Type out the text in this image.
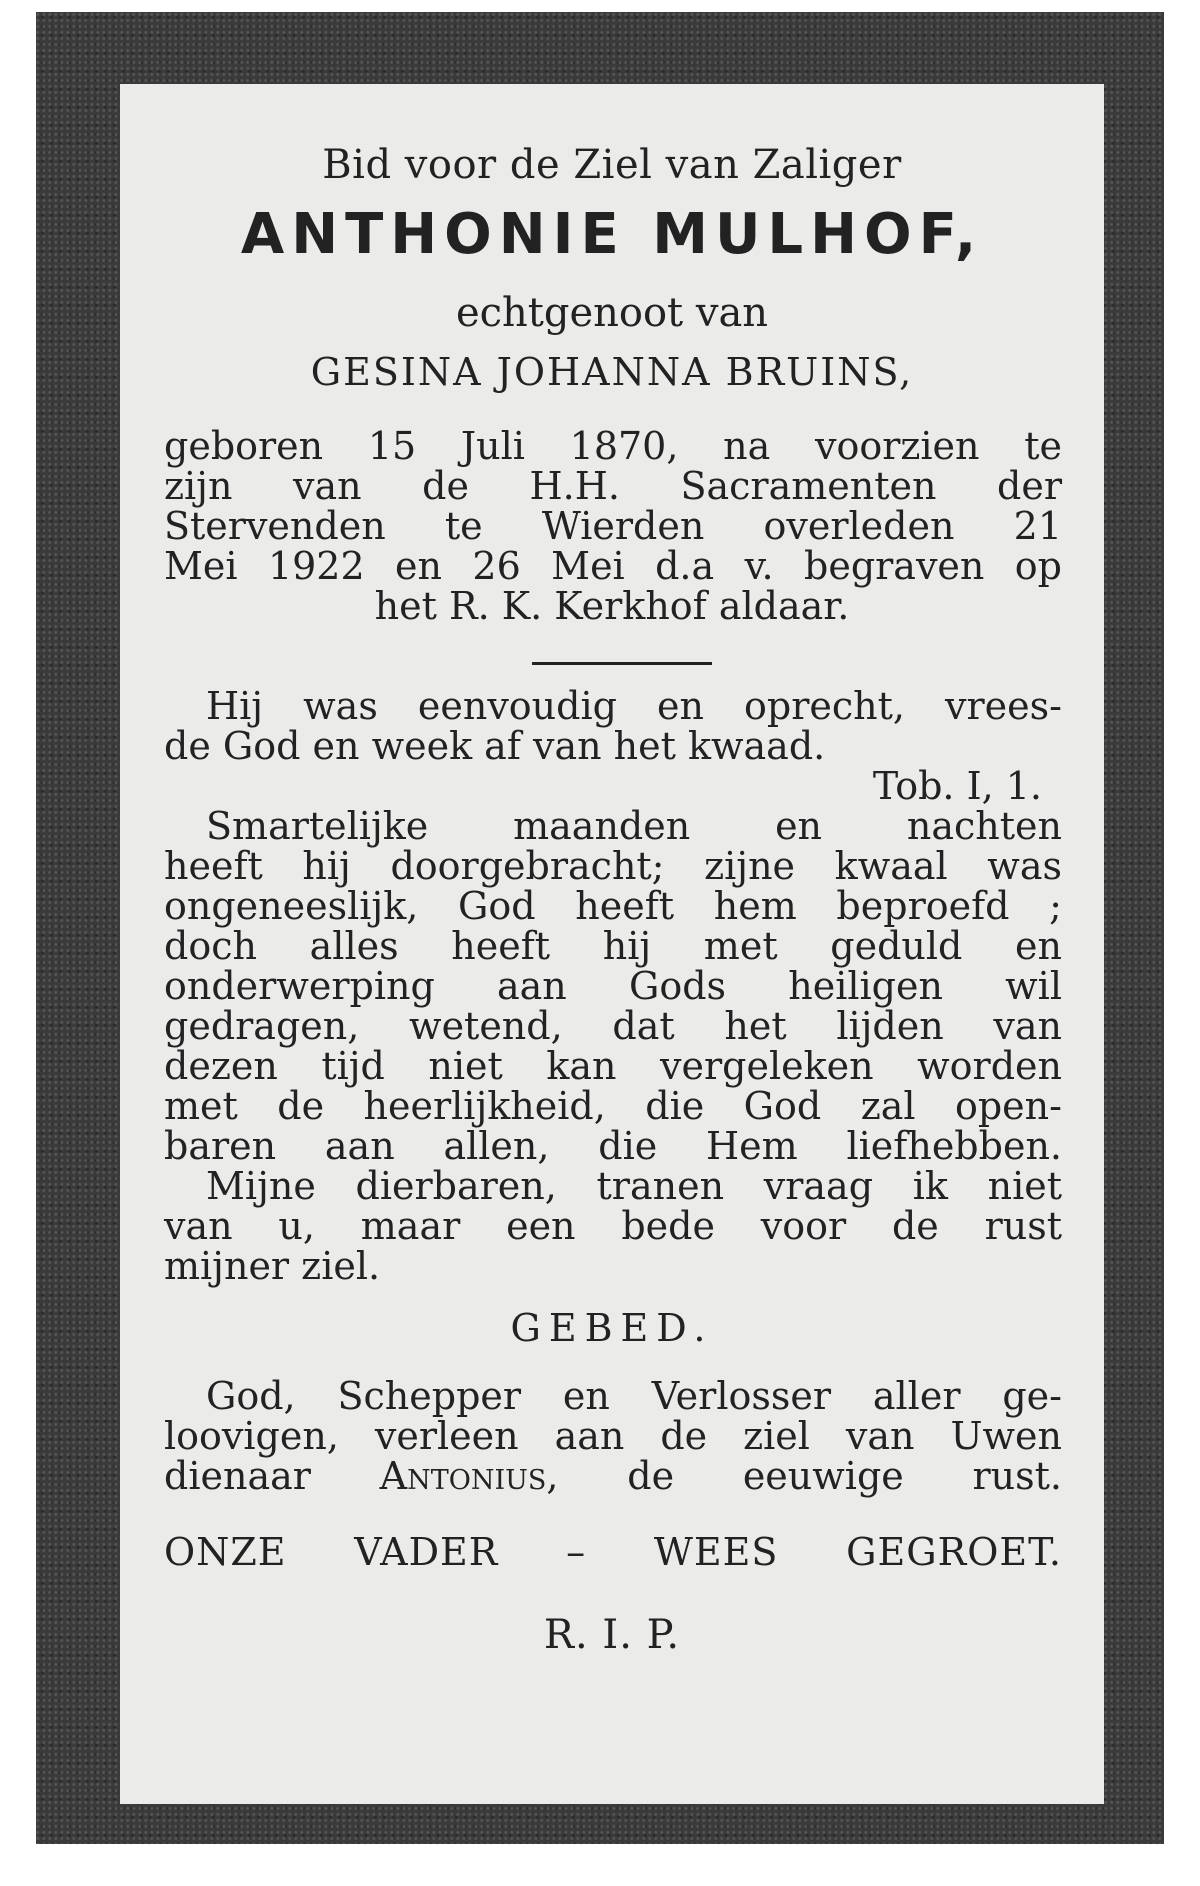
Bid voor de Ziel van Zaliger
ANTHONIE MULHOF,
echtgenoot van
GESINA JOHANNA BRUINS,
geboren 15 Juli 1870, na voorzien te
zijn van de H.H. Sacramenten der
Stervenden te Wierden overleden 21
Mei 1922 en 26 Mei d.a v. begraven op
het R. K. Kerkhof aldaar.
Hij was eenvoudig en oprecht, vrees-
de God en week af van het kwaad.
Tob. I, 1.
Smartelijke maanden en nachten
heeft hij doorgebracht; zijne kwaal was
ongeneeslijk, God heeft hem beproefd ;
doch alles heeft hij met geduld en
onderwerping aan Gods heiligen wil
gedragen, wetend, dat het lijden van
dezen tijd niet kan vergeleken worden
met de heerlijkheid, die God zal open-
baren aan allen, die Hem liefhebben.
Mijne dierbaren, tranen vraag ik niet
van u, maar een bede voor de rust
mijner ziel.
GEBED.
God, Schepper en Verlosser aller ge-
loovigen, verleen aan de ziel van Uwen
dienaar Antonius, de eeuwige rust.
ONZE VADER – WEES GEGROET.
R. I. P.
